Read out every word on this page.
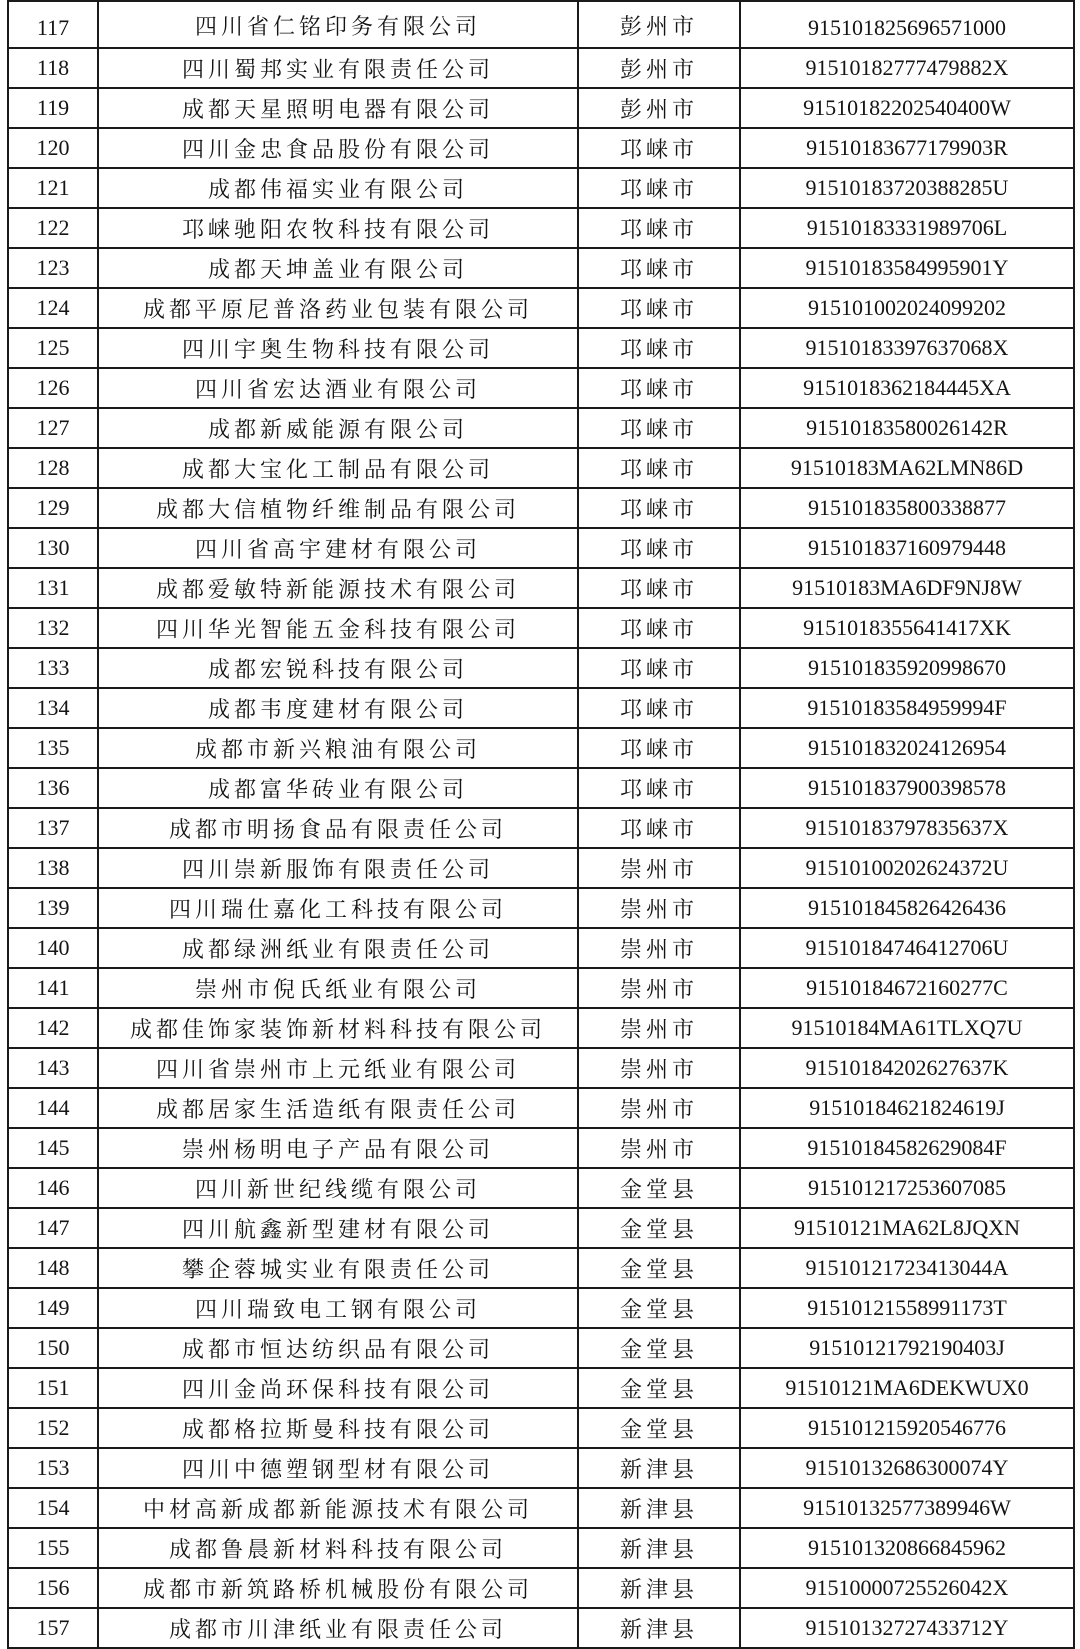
117	四川省仁铭印务有限公司	彭州市	915101825696571000
118	四川蜀邦实业有限责任公司	彭州市	91510182777479882X
119	成都天星照明电器有限公司	彭州市	91510182202540400W
120	四川金忠食品股份有限公司	邛崃市	91510183677179903R
121	成都伟福实业有限公司	邛崃市	91510183720388285U
122	邛崃驰阳农牧科技有限公司	邛崃市	91510183331989706L
123	成都天坤盖业有限公司	邛崃市	91510183584995901Y
124	成都平原尼普洛药业包装有限公司	邛崃市	915101002024099202
125	四川宇奥生物科技有限公司	邛崃市	91510183397637068X
126	四川省宏达酒业有限公司	邛崃市	9151018362184445XA
127	成都新威能源有限公司	邛崃市	91510183580026142R
128	成都大宝化工制品有限公司	邛崃市	91510183MA62LMN86D
129	成都大信植物纤维制品有限公司	邛崃市	915101835800338877
130	四川省高宇建材有限公司	邛崃市	915101837160979448
131	成都爱敏特新能源技术有限公司	邛崃市	91510183MA6DF9NJ8W
132	四川华光智能五金科技有限公司	邛崃市	9151018355641417XK
133	成都宏锐科技有限公司	邛崃市	915101835920998670
134	成都韦度建材有限公司	邛崃市	91510183584959994F
135	成都市新兴粮油有限公司	邛崃市	915101832024126954
136	成都富华砖业有限公司	邛崃市	915101837900398578
137	成都市明扬食品有限责任公司	邛崃市	91510183797835637X
138	四川崇新服饰有限责任公司	崇州市	91510100202624372U
139	四川瑞仕嘉化工科技有限公司	崇州市	915101845826426436
140	成都绿洲纸业有限责任公司	崇州市	91510184746412706U
141	崇州市倪氏纸业有限公司	崇州市	91510184672160277C
142	成都佳饰家装饰新材料科技有限公司	崇州市	91510184MA61TLXQ7U
143	四川省崇州市上元纸业有限公司	崇州市	91510184202627637K
144	成都居家生活造纸有限责任公司	崇州市	91510184621824619J
145	崇州杨明电子产品有限公司	崇州市	91510184582629084F
146	四川新世纪线缆有限公司	金堂县	915101217253607085
147	四川航鑫新型建材有限公司	金堂县	91510121MA62L8JQXN
148	攀企蓉城实业有限责任公司	金堂县	91510121723413044A
149	四川瑞致电工钢有限公司	金堂县	91510121558991173T
150	成都市恒达纺织品有限公司	金堂县	91510121792190403J
151	四川金尚环保科技有限公司	金堂县	91510121MA6DEKWUX0
152	成都格拉斯曼科技有限公司	金堂县	915101215920546776
153	四川中德塑钢型材有限公司	新津县	91510132686300074Y
154	中材高新成都新能源技术有限公司	新津县	91510132577389946W
155	成都鲁晨新材料科技有限公司	新津县	915101320866845962
156	成都市新筑路桥机械股份有限公司	新津县	91510000725526042X
157	成都市川津纸业有限责任公司	新津县	91510132727433712Y
